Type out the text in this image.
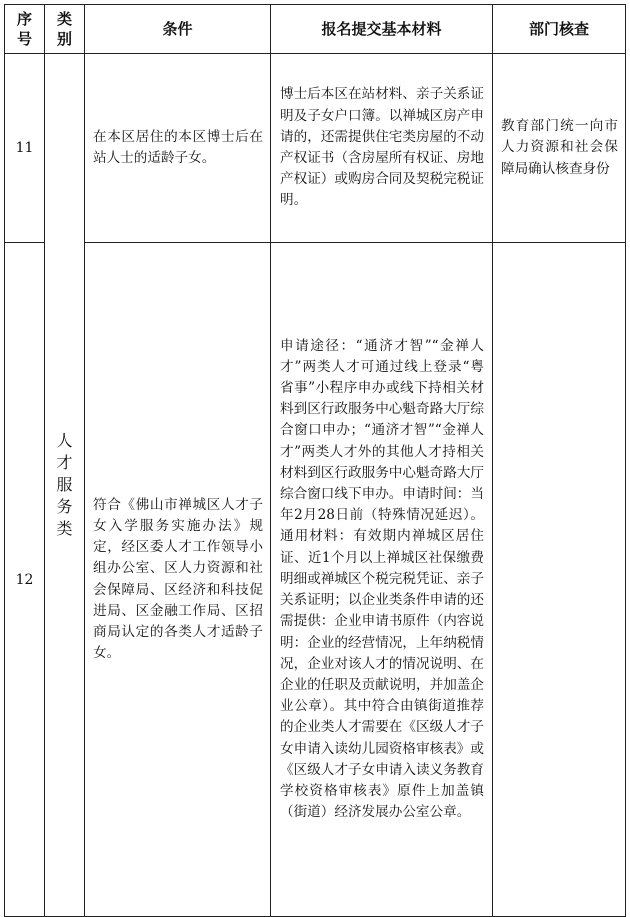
序号	类别	条件	报名提交基本材料	部门核查
11	人才服务类	在本区居住的本区博士后在站人士的适龄子女。	博士后本区在站材料、亲子关系证明及子女户口簿。以禅城区房产申请的，还需提供住宅类房屋的不动产权证书（含房屋所有权证、房地产权证）或购房合同及契税完税证明。	教育部门统一向市人力资源和社会保障局确认核查身份
12		符合《佛山市禅城区人才子女入学服务实施办法》规定，经区委人才工作领导小组办公室、区人力资源和社会保障局、区经济和科技促进局、区金融工作局、区招商局认定的各类人才适龄子女。	申请途径：“通济才智”“金禅人才”两类人才可通过线上登录“粤省事”小程序申办或线下持相关材料到区行政服务中心魁奇路大厅综合窗口申办；“通济才智”“金禅人才”两类人才外的其他人才持相关材料到区行政服务中心魁奇路大厅综合窗口线下申办。申请时间：当年2月28日前（特殊情况延迟）。通用材料：有效期内禅城区居住证、近1个月以上禅城区社保缴费明细或禅城区个税完税凭证、亲子关系证明；以企业类条件申请的还需提供：企业申请书原件（内容说明：企业的经营情况，上年纳税情况，企业对该人才的情况说明、在企业的任职及贡献说明，并加盖企业公章）。其中符合由镇街道推荐的企业类人才需要在《区级人才子女申请入读幼儿园资格审核表》或《区级人才子女申请入读义务教育学校资格审核表》原件上加盖镇（街道）经济发展办公室公章。	
